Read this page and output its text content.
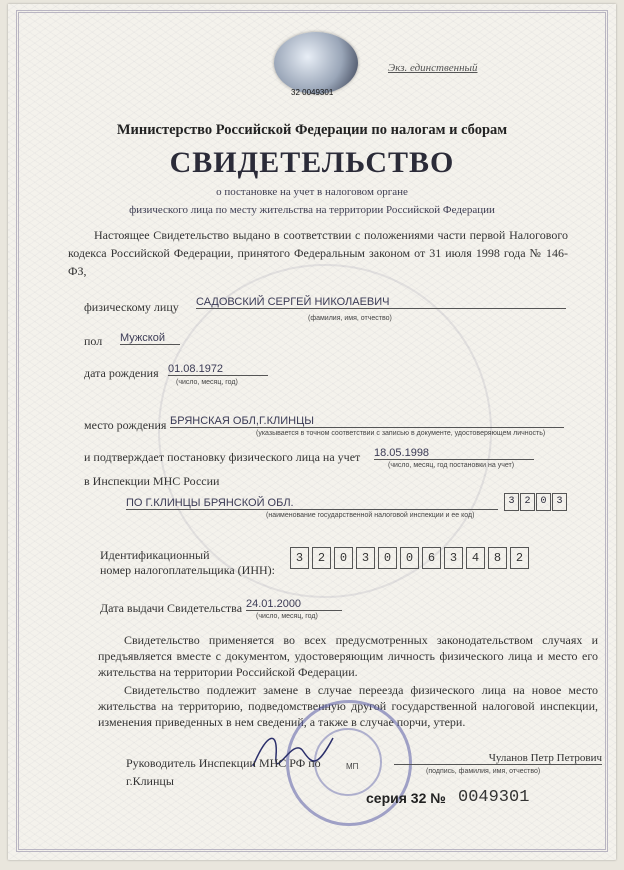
32 0049301
Экз. единственный
Министерство Российской Федерации по налогам и сборам
СВИДЕТЕЛЬСТВО
о постановке на учет в налоговом органе
физического лица по месту жительства на территории Российской Федерации
Настоящее Свидетельство выдано в соответствии с положениями части первой Налогового кодекса Российской Федерации, принятого Федеральным законом от 31 июля 1998 года № 146-ФЗ,
физическому лицу САДОВСКИЙ СЕРГЕЙ НИКОЛАЕВИЧ
(фамилия, имя, отчество)
пол Мужской
дата рождения 01.08.1972
(число, месяц, год)
место рождения БРЯНСКАЯ ОБЛ,Г.КЛИНЦЫ
(указывается в точном соответствии с записью в документе, удостоверяющем личность)
и подтверждает постановку физического лица на учет 18.05.1998
(число, месяц, год постановки на учет)
в Инспекции МНС России
ПО Г.КЛИНЦЫ БРЯНСКОЙ ОБЛ.
(наименование государственной налоговой инспекции и ее код)
3 2 0 3
Идентификационный
номер налогоплательщика (ИНН):
3	2	0	3	0	0	6	3	4	8	2
Дата выдачи Свидетельства 24.01.2000
(число, месяц, год)
Свидетельство применяется во всех предусмотренных законодательством случаях и предъявляется вместе с документом, удостоверяющим личность физического лица и место его жительства на территории Российской Федерации.
Свидетельство подлежит замене в случае переезда физического лица на новое место жительства на территорию, подведомственную другой государственной налоговой инспекции, изменения приведенных в нем сведений, а также в случае порчи, утери.
Руководитель Инспекции МНС РФ по
г.Клинцы
МП
Чуланов Петр Петрович
(подпись, фамилия, имя, отчество)
серия 32 № 0049301
